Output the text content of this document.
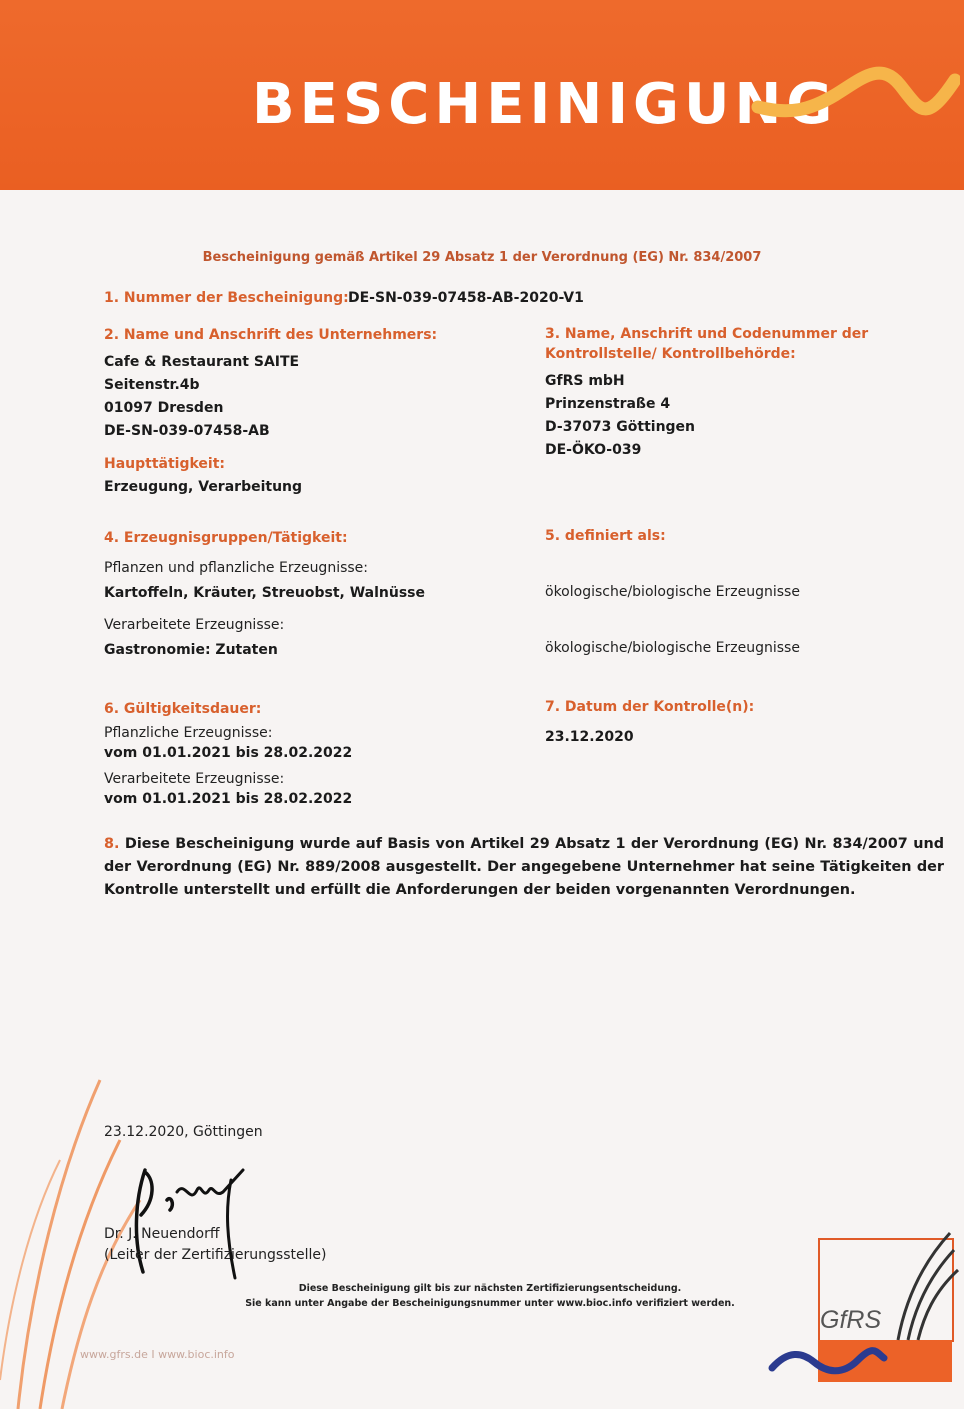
BESCHEINIGUNG
Bescheinigung gemäß Artikel 29 Absatz 1 der Verordnung (EG) Nr. 834/2007
1. Nummer der Bescheinigung: DE-SN-039-07458-AB-2020-V1
2. Name und Anschrift des Unternehmers:
Cafe & Restaurant SAITE
Seitenstr.4b
01097 Dresden
DE-SN-039-07458-AB
Haupttätigkeit:
Erzeugung, Verarbeitung
3. Name, Anschrift und Codenummer der
Kontrollstelle/ Kontrollbehörde:
GfRS mbH
Prinzenstraße 4
D-37073 Göttingen
DE-ÖKO-039
4. Erzeugnisgruppen/Tätigkeit:
Pflanzen und pflanzliche Erzeugnisse:
Kartoffeln, Kräuter, Streuobst, Walnüsse
Verarbeitete Erzeugnisse:
Gastronomie: Zutaten
5. definiert als:
ökologische/biologische Erzeugnisse
ökologische/biologische Erzeugnisse
6. Gültigkeitsdauer:
Pflanzliche Erzeugnisse:
vom 01.01.2021 bis 28.02.2022
Verarbeitete Erzeugnisse:
vom 01.01.2021 bis 28.02.2022
7. Datum der Kontrolle(n):
23.12.2020
8. Diese Bescheinigung wurde auf Basis von Artikel 29 Absatz 1 der Verordnung (EG) Nr. 834/2007 und der Verordnung (EG) Nr. 889/2008 ausgestellt. Der angegebene Unternehmer hat seine Tätigkeiten der Kontrolle unterstellt und erfüllt die Anforderungen der beiden vorgenannten Verordnungen.
23.12.2020, Göttingen
Dr. J. Neuendorff
(Leiter der Zertifizierungsstelle)
Diese Bescheinigung gilt bis zur nächsten Zertifizierungsentscheidung.
Sie kann unter Angabe der Bescheinigungsnummer unter www.bioc.info verifiziert werden.
www.gfrs.de I www.bioc.info
GfRS
